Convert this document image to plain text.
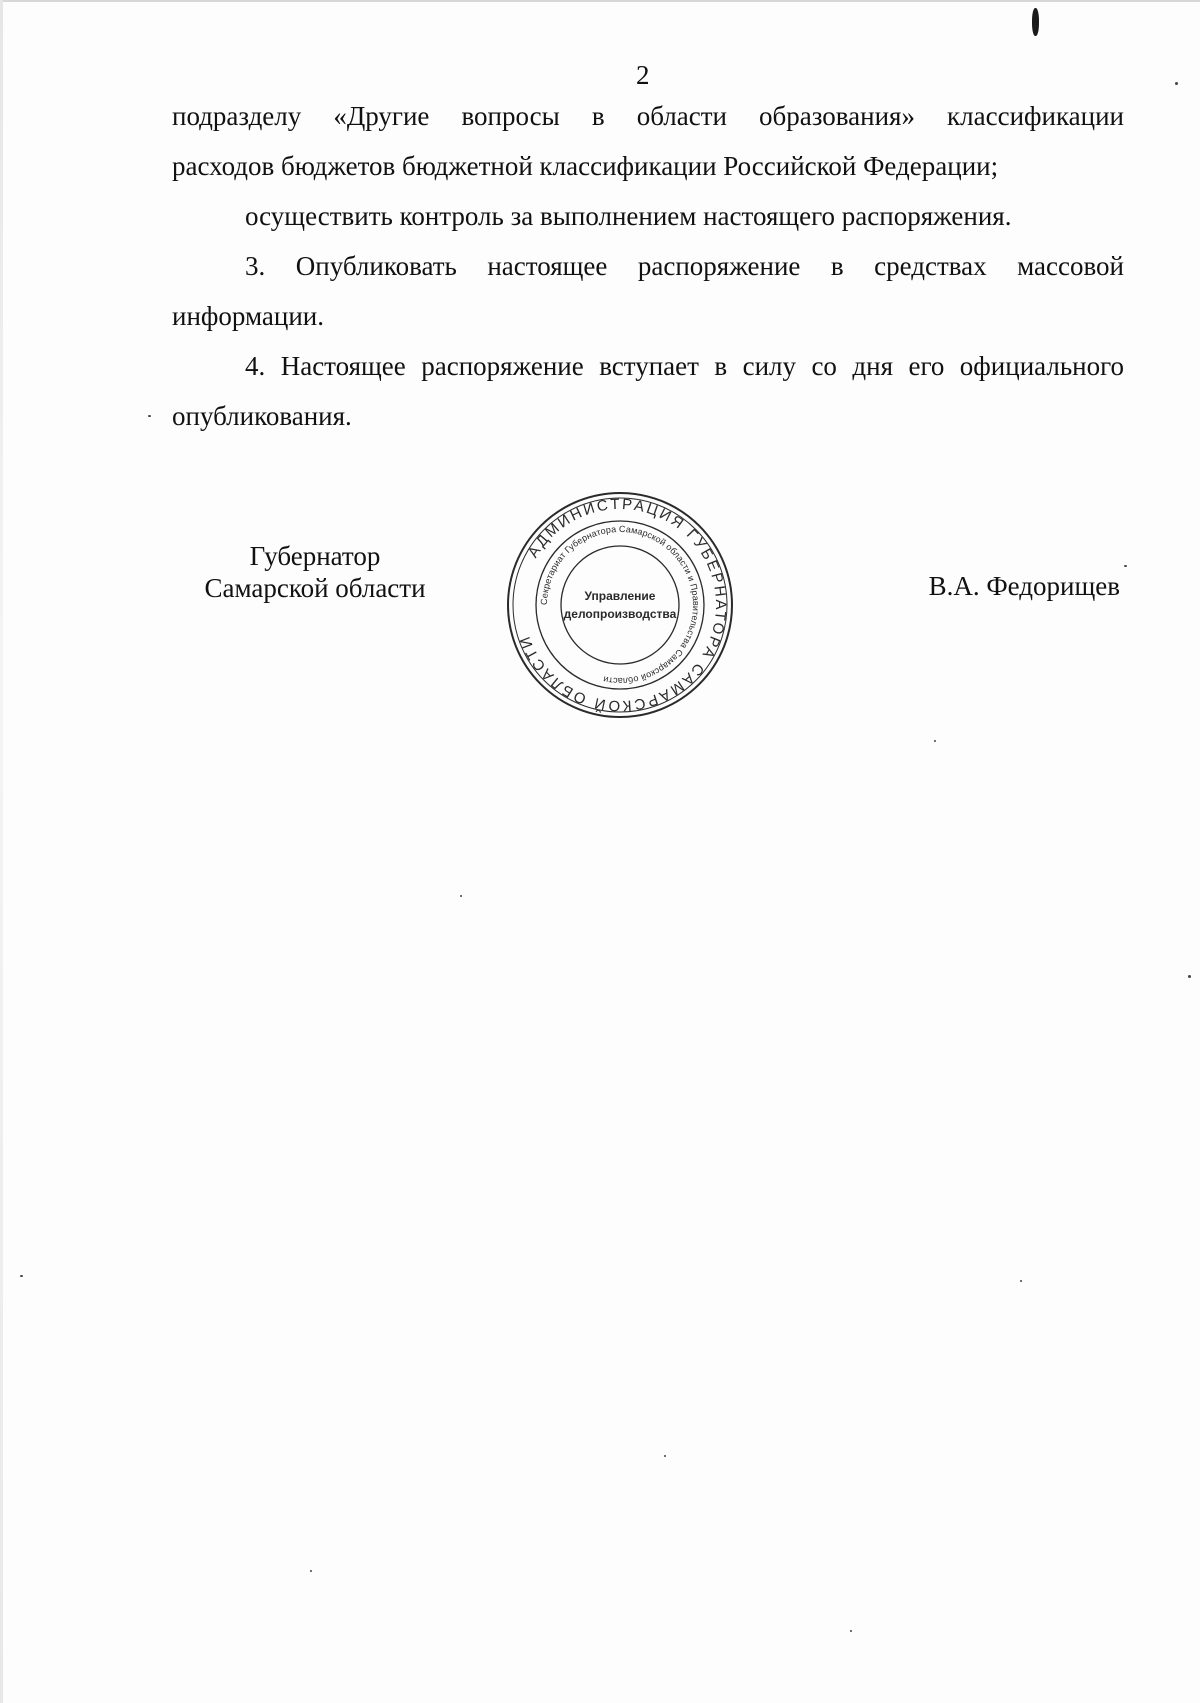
2

подразделу «Другие вопросы в области образования» классификации
расходов бюджетов бюджетной классификации Российской Федерации;

осуществить контроль за выполнением настоящего распоряжения.

3. Опубликовать настоящее распоряжение в средствах массовой информации.

4. Настоящее распоряжение вступает в силу со дня его официального опубликования.

Губернатор
Самарской области
АДМИНИСТРАЦИЯ ГУБЕРНАТОРА САМАРСКОЙ ОБЛАСТИ
Секретариат Губернатора Самарской области и Правительства Самарской области
Управление
делопроизводства
В.А. Федорищев
